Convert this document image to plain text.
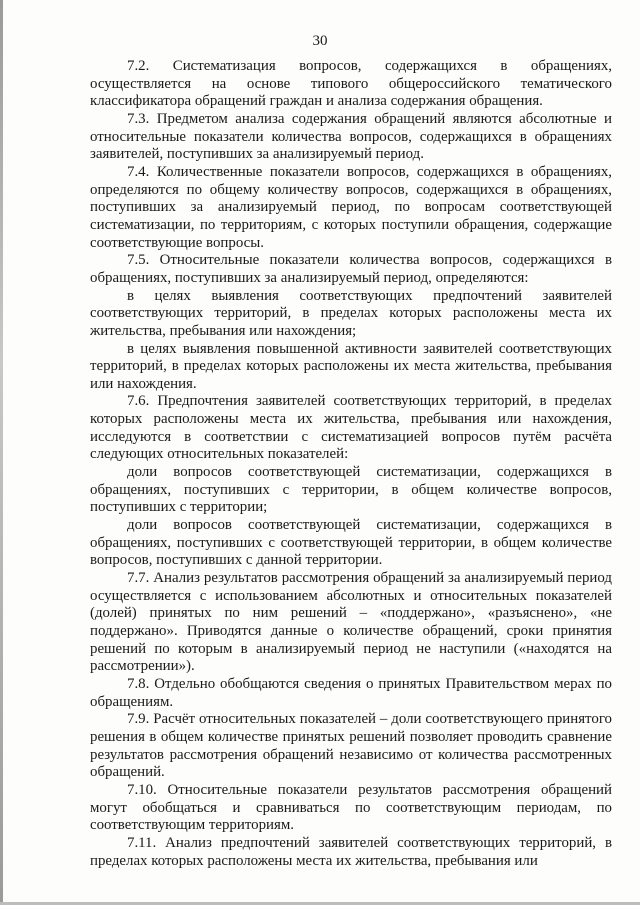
30

7.2. Систематизация вопросов, содержащихся в обращениях, осуществляется на основе типового общероссийского тематического классификатора обращений граждан и анализа содержания обращения.

7.3. Предметом анализа содержания обращений являются абсолютные и относительные показатели количества вопросов, содержащихся в обращениях заявителей, поступивших за анализируемый период.

7.4. Количественные показатели вопросов, содержащихся в обращениях, определяются по общему количеству вопросов, содержащихся в обращениях, поступивших за анализируемый период, по вопросам соответствующей систематизации, по территориям, с которых поступили обращения, содержащие соответствующие вопросы.

7.5. Относительные показатели количества вопросов, содержащихся в обращениях, поступивших за анализируемый период, определяются:

в целях выявления соответствующих предпочтений заявителей соответствующих территорий, в пределах которых расположены места их жительства, пребывания или нахождения;

в целях выявления повышенной активности заявителей соответствующих территорий, в пределах которых расположены их места жительства, пребывания или нахождения.

7.6. Предпочтения заявителей соответствующих территорий, в пределах которых расположены места их жительства, пребывания или нахождения, исследуются в соответствии с систематизацией вопросов путём расчёта следующих относительных показателей:

доли вопросов соответствующей систематизации, содержащихся в обращениях, поступивших с территории, в общем количестве вопросов, поступивших с территории;

доли вопросов соответствующей систематизации, содержащихся в обращениях, поступивших с соответствующей территории, в общем количестве вопросов, поступивших с данной территории.

7.7. Анализ результатов рассмотрения обращений за анализируемый период осуществляется с использованием абсолютных и относительных показателей (долей) принятых по ним решений – «поддержано», «разъяснено», «не поддержано». Приводятся данные о количестве обращений, сроки принятия решений по которым в анализируемый период не наступили («находятся на рассмотрении»).

7.8. Отдельно обобщаются сведения о принятых Правительством мерах по обращениям.

7.9. Расчёт относительных показателей – доли соответствующего принятого решения в общем количестве принятых решений позволяет проводить сравнение результатов рассмотрения обращений независимо от количества рассмотренных обращений.

7.10. Относительные показатели результатов рассмотрения обращений могут обобщаться и сравниваться по соответствующим периодам, по соответствующим территориям.

7.11. Анализ предпочтений заявителей соответствующих территорий, в пределах которых расположены места их жительства, пребывания или
